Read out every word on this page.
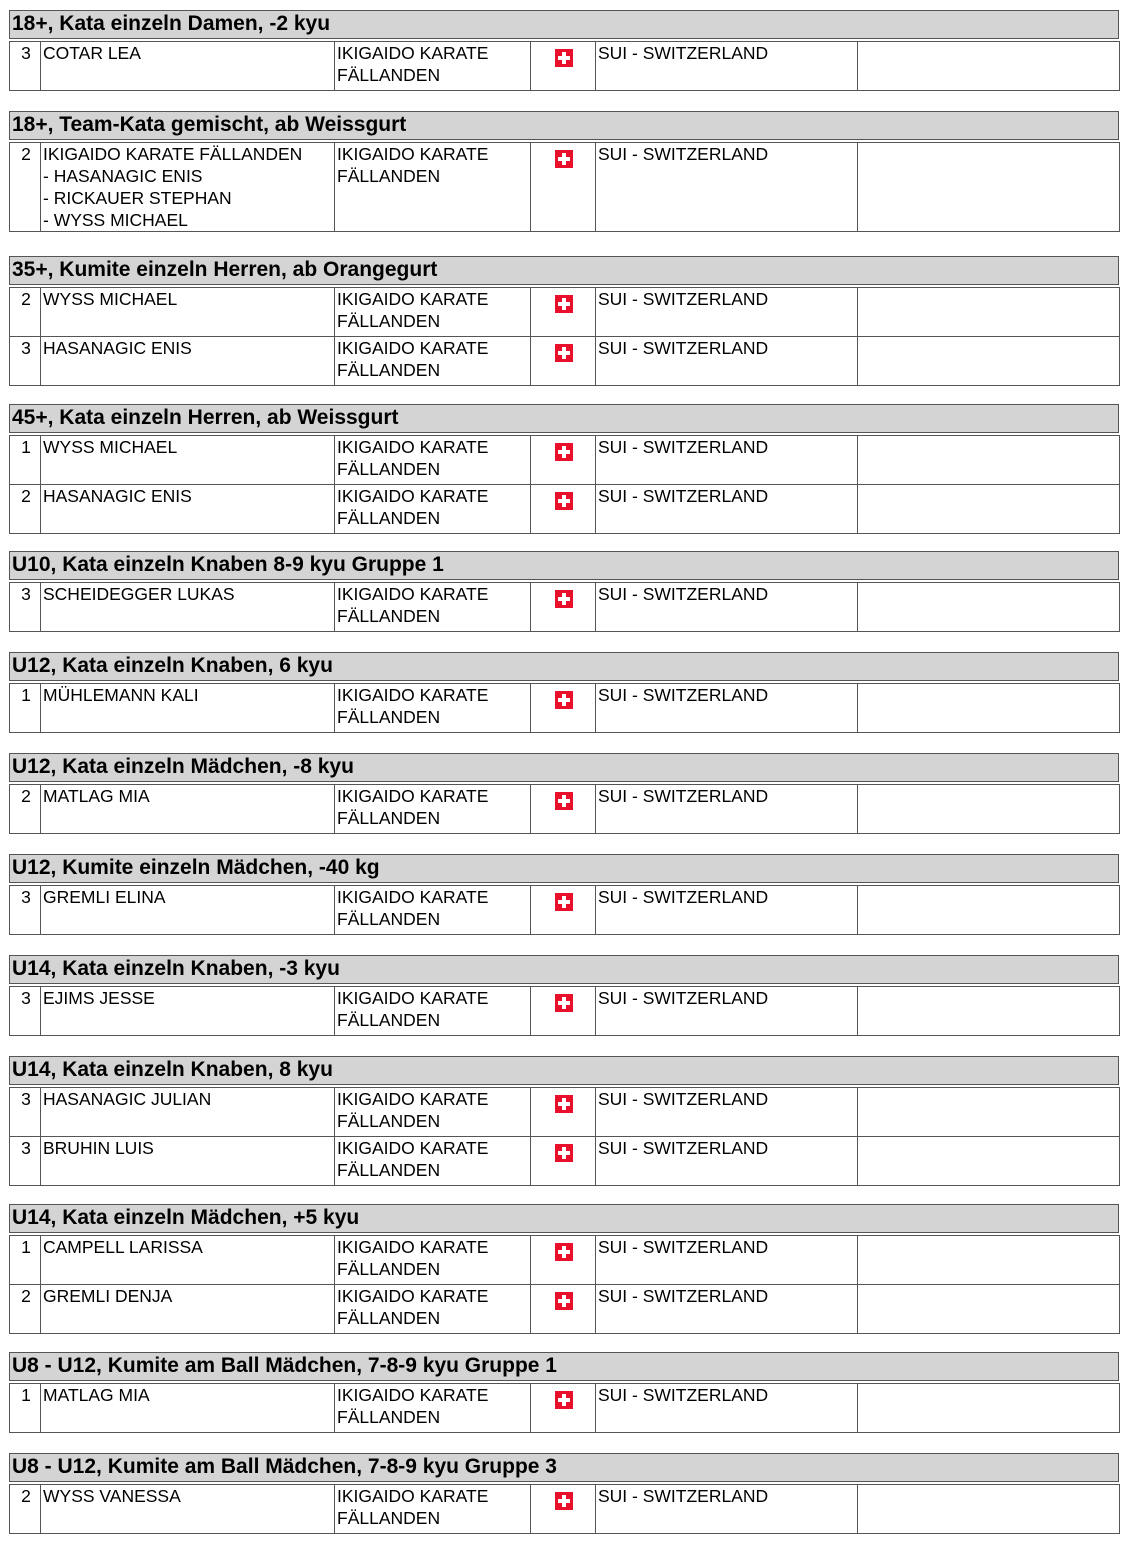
18+, Kata einzeln Damen, -2 kyu
3	COTAR LEA	IKIGAIDO KARATE
FÄLLANDEN
		SUI - SWITZERLAND	
18+, Team-Kata gemischt, ab Weissgurt
2	IKIGAIDO KARATE FÄLLANDEN
- HASANAGIC ENIS
- RICKAUER STEPHAN
- WYSS MICHAEL

IKIGAIDO KARATE
FÄLLANDEN
		SUI - SWITZERLAND	
35+, Kumite einzeln Herren, ab Orangegurt
2	WYSS MICHAEL	IKIGAIDO KARATE
FÄLLANDEN		SUI - SWITZERLAND	
3	HASANAGIC ENIS	IKIGAIDO KARATE
FÄLLANDEN		SUI - SWITZERLAND	
45+, Kata einzeln Herren, ab Weissgurt
1	WYSS MICHAEL	IKIGAIDO KARATE
FÄLLANDEN		SUI - SWITZERLAND	
2	HASANAGIC ENIS	IKIGAIDO KARATE
FÄLLANDEN		SUI - SWITZERLAND	
U10, Kata einzeln Knaben 8-9 kyu Gruppe 1
3	SCHEIDEGGER LUKAS	IKIGAIDO KARATE
FÄLLANDEN
		SUI - SWITZERLAND	
U12, Kata einzeln Knaben, 6 kyu
1	MÜHLEMANN KALI	IKIGAIDO KARATE
FÄLLANDEN
		SUI - SWITZERLAND	
U12, Kata einzeln Mädchen, -8 kyu
2	MATLAG MIA	IKIGAIDO KARATE
FÄLLANDEN
		SUI - SWITZERLAND	
U12, Kumite einzeln Mädchen, -40 kg
3	GREMLI ELINA	IKIGAIDO KARATE
FÄLLANDEN
		SUI - SWITZERLAND	
U14, Kata einzeln Knaben, -3 kyu
3	EJIMS JESSE	IKIGAIDO KARATE
FÄLLANDEN
		SUI - SWITZERLAND	
U14, Kata einzeln Knaben, 8 kyu
3	HASANAGIC JULIAN	IKIGAIDO KARATE
FÄLLANDEN		SUI - SWITZERLAND	
3	BRUHIN LUIS	IKIGAIDO KARATE
FÄLLANDEN		SUI - SWITZERLAND	
U14, Kata einzeln Mädchen, +5 kyu
1	CAMPELL LARISSA	IKIGAIDO KARATE
FÄLLANDEN		SUI - SWITZERLAND	
2	GREMLI DENJA	IKIGAIDO KARATE
FÄLLANDEN		SUI - SWITZERLAND	
U8 - U12, Kumite am Ball Mädchen, 7-8-9 kyu Gruppe 1
1	MATLAG MIA	IKIGAIDO KARATE
FÄLLANDEN
		SUI - SWITZERLAND	
U8 - U12, Kumite am Ball Mädchen, 7-8-9 kyu Gruppe 3
2	WYSS VANESSA	IKIGAIDO KARATE
FÄLLANDEN
		SUI - SWITZERLAND	
